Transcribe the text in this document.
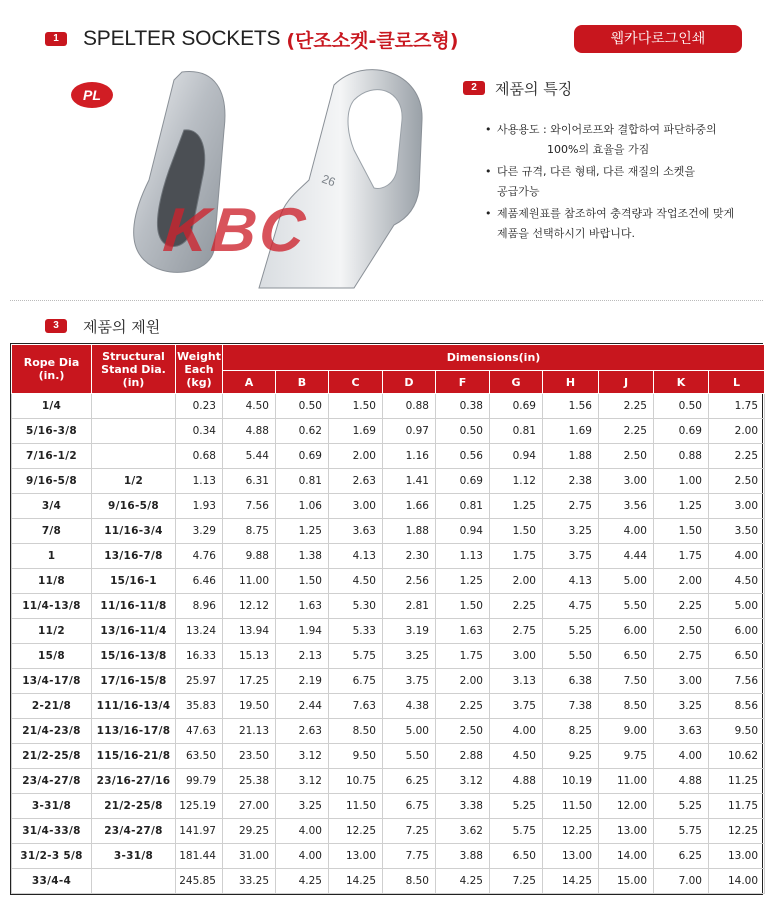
1	SPELTER SOCKETS (단조소켓-클로즈형)	웹카다로그인쇄
26
PL
KBC
2	제품의 특징
• 사용용도 : 와이어로프와 결합하여 파단하중의
100%의 효율을 가짐
• 다른 규격, 다른 형태, 다른 재질의 소켓을
공급가능
• 제품제원표를 참조하여 충격량과 작업조건에 맞게
제품을 선택하시기 바랍니다.
3	제품의 제원
Rope Dia (in.)	Structural Stand Dia. (in)	Weight Each (kg)	Dimensions(in)									
			A	B	C	D	F	G	H	J	K	L
1/4		0.23	4.50	0.50	1.50	0.88	0.38	0.69	1.56	2.25	0.50	1.75
5/16-3/8		0.34	4.88	0.62	1.69	0.97	0.50	0.81	1.69	2.25	0.69	2.00
7/16-1/2		0.68	5.44	0.69	2.00	1.16	0.56	0.94	1.88	2.50	0.88	2.25
9/16-5/8	1/2	1.13	6.31	0.81	2.63	1.41	0.69	1.12	2.38	3.00	1.00	2.50
3/4	9/16-5/8	1.93	7.56	1.06	3.00	1.66	0.81	1.25	2.75	3.56	1.25	3.00
7/8	11/16-3/4	3.29	8.75	1.25	3.63	1.88	0.94	1.50	3.25	4.00	1.50	3.50
1	13/16-7/8	4.76	9.88	1.38	4.13	2.30	1.13	1.75	3.75	4.44	1.75	4.00
11/8	15/16-1	6.46	11.00	1.50	4.50	2.56	1.25	2.00	4.13	5.00	2.00	4.50
11/4-13/8	11/16-11/8	8.96	12.12	1.63	5.30	2.81	1.50	2.25	4.75	5.50	2.25	5.00
11/2	13/16-11/4	13.24	13.94	1.94	5.33	3.19	1.63	2.75	5.25	6.00	2.50	6.00
15/8	15/16-13/8	16.33	15.13	2.13	5.75	3.25	1.75	3.00	5.50	6.50	2.75	6.50
13/4-17/8	17/16-15/8	25.97	17.25	2.19	6.75	3.75	2.00	3.13	6.38	7.50	3.00	7.56
2-21/8	111/16-13/4	35.83	19.50	2.44	7.63	4.38	2.25	3.75	7.38	8.50	3.25	8.56
21/4-23/8	113/16-17/8	47.63	21.13	2.63	8.50	5.00	2.50	4.00	8.25	9.00	3.63	9.50
21/2-25/8	115/16-21/8	63.50	23.50	3.12	9.50	5.50	2.88	4.50	9.25	9.75	4.00	10.62
23/4-27/8	23/16-27/16	99.79	25.38	3.12	10.75	6.25	3.12	4.88	10.19	11.00	4.88	11.25
3-31/8	21/2-25/8	125.19	27.00	3.25	11.50	6.75	3.38	5.25	11.50	12.00	5.25	11.75
31/4-33/8	23/4-27/8	141.97	29.25	4.00	12.25	7.25	3.62	5.75	12.25	13.00	5.75	12.25
31/2-3 5/8	3-31/8	181.44	31.00	4.00	13.00	7.75	3.88	6.50	13.00	14.00	6.25	13.00
33/4-4		245.85	33.25	4.25	14.25	8.50	4.25	7.25	14.25	15.00	7.00	14.00
